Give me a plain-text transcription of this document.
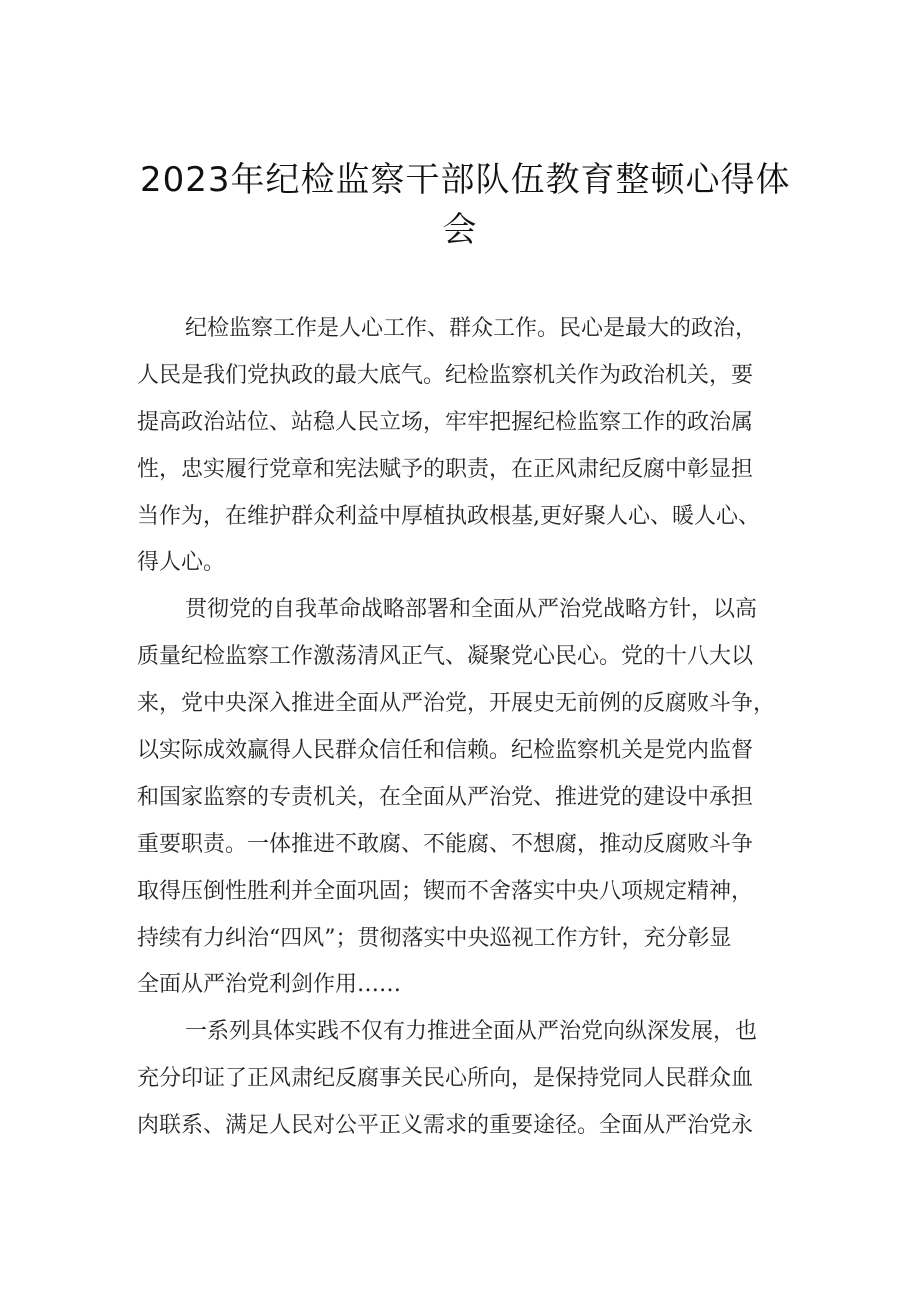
2023年纪检监察干部队伍教育整顿心得体
会
纪检监察工作是人心工作、群众工作。民心是最大的政治，
人民是我们党执政的最大底气。纪检监察机关作为政治机关，要
提高政治站位、站稳人民立场，牢牢把握纪检监察工作的政治属
性，忠实履行党章和宪法赋予的职责，在正风肃纪反腐中彰显担
当作为，在维护群众利益中厚植执政根基,更好聚人心、暖人心、
得人心。
贯彻党的自我革命战略部署和全面从严治党战略方针，以高
质量纪检监察工作激荡清风正气、凝聚党心民心。党的十八大以
来，党中央深入推进全面从严治党，开展史无前例的反腐败斗争，
以实际成效赢得人民群众信任和信赖。纪检监察机关是党内监督
和国家监察的专责机关，在全面从严治党、推进党的建设中承担
重要职责。一体推进不敢腐、不能腐、不想腐，推动反腐败斗争
取得压倒性胜利并全面巩固；锲而不舍落实中央八项规定精神，
持续有力纠治“四风”；贯彻落实中央巡视工作方针，充分彰显
全面从严治党利剑作用……
一系列具体实践不仅有力推进全面从严治党向纵深发展，也
充分印证了正风肃纪反腐事关民心所向，是保持党同人民群众血
肉联系、满足人民对公平正义需求的重要途径。全面从严治党永
